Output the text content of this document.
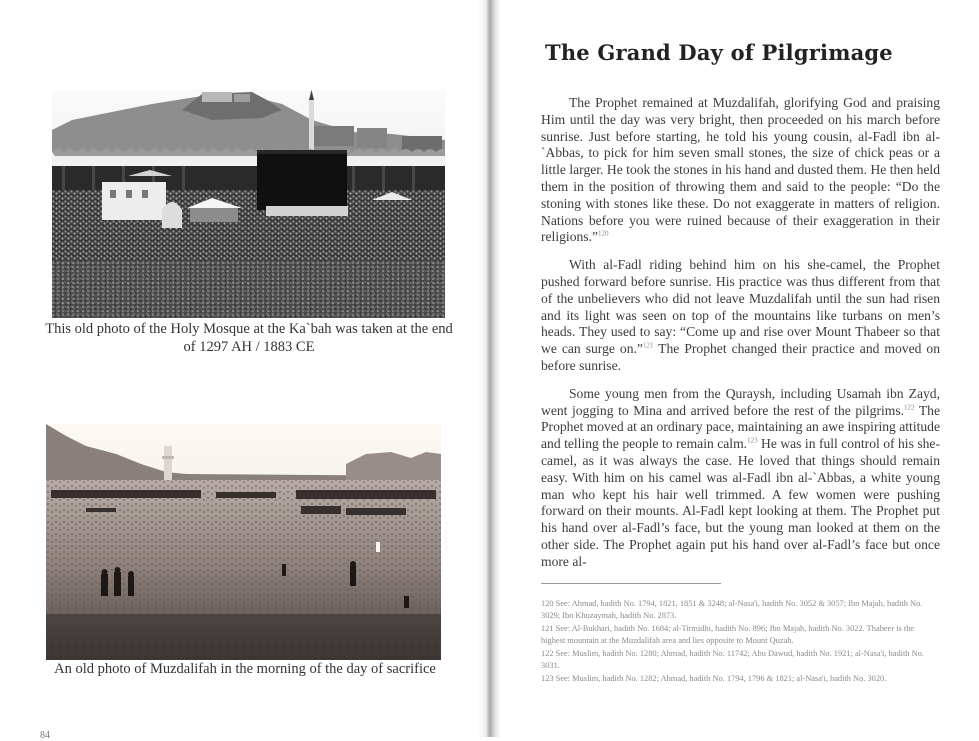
This old photo of the Holy Mosque at the Ka`bah was taken at the end of 1297 AH / 1883 CE
An old photo of Muzdalifah in the morning of the day of sacrifice
84
The Grand Day of Pilgrimage

The Prophet remained at Muzdalifah, glorifying God and praising Him until the day was very bright, then proceeded on his march before sunrise. Just before starting, he told his young cousin, al-Fadl ibn al-`Abbas, to pick for him seven small stones, the size of chick peas or a little larger. He took the stones in his hand and dusted them. He then held them in the position of throwing them and said to the people: “Do the stoning with stones like these. Do not exaggerate in matters of religion. Nations before you were ruined because of their exaggeration in their religions.”$^{120}$

With al-Fadl riding behind him on his she-camel, the Prophet pushed forward before sunrise. His practice was thus different from that of the unbelievers who did not leave Muzdalifah until the sun had risen and its light was seen on top of the mountains like turbans on men’s heads. They used to say: “Come up and rise over Mount Thabeer so that we can surge on.”$^{121}$ The Prophet changed their practice and moved on before sunrise.

Some young men from the Quraysh, including Usamah ibn Zayd, went jogging to Mina and arrived before the rest of the pilgrims.$^{122}$ The Prophet moved at an ordinary pace, maintaining an awe inspiring attitude and telling the people to remain calm.$^{123}$ He was in full control of his she-camel, as it was always the case. He loved that things should remain easy. With him on his camel was al-Fadl ibn al-`Abbas, a white young man who kept his hair well trimmed. A few women were pushing forward on their mounts. Al-Fadl kept looking at them. The Prophet put his hand over al-Fadl’s face, but the young man looked at them on the other side. The Prophet again put his hand over al-Fadl’s face but once more al-

120 See: Ahmad, hadith No. 1794, 1821, 1851 & 3248; al-Nasa'i, hadith No. 3052 & 3057; Ibn Majah, hadith No. 3029; Ibn Khuzaymah, hadith No. 2873.

121 See: Al-Bukhari, hadith No. 1684; al-Tirmidhi, hadith No. 896; Ibn Majah, hadith No. 3022. Thabeer is the highest mountain at the Muzdalifah area and lies opposite to Mount Quzah.

122 See: Muslim, hadith No. 1280; Ahmad, hadith No. 11742; Abu Dawud, hadith No. 1921; al-Nasa'i, hadith No. 3031.

123 See: Muslim, hadith No. 1282; Ahmad, hadith No. 1794, 1796 & 1821; al-Nasa'i, hadith No. 3020.
